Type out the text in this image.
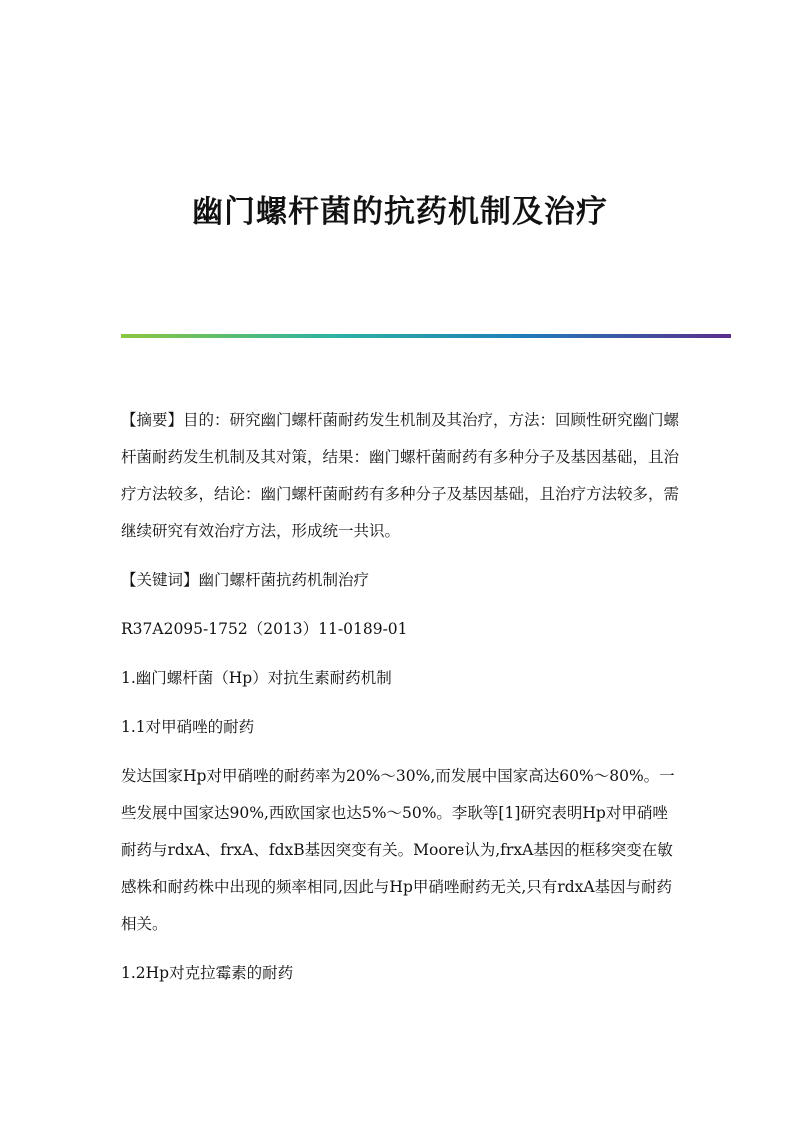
幽门螺杆菌的抗药机制及治疗

【摘要】目的：研究幽门螺杆菌耐药发生机制及其治疗，方法：回顾性研究幽门螺杆菌耐药发生机制及其对策，结果：幽门螺杆菌耐药有多种分子及基因基础，且治疗方法较多，结论：幽门螺杆菌耐药有多种分子及基因基础，且治疗方法较多，需继续研究有效治疗方法，形成统一共识。

【关键词】幽门螺杆菌抗药机制治疗

R37A2095-1752（2013）11-0189-01

1.幽门螺杆菌（Hp）对抗生素耐药机制

1.1对甲硝唑的耐药

发达国家Hp对甲硝唑的耐药率为20%～30%,而发展中国家高达60%～80%。一些发展中国家达90%,西欧国家也达5%～50%。李耿等[1]研究表明Hp对甲硝唑耐药与rdxA、frxA、fdxB基因突变有关。Moore认为,frxA基因的框移突变在敏感株和耐药株中出现的频率相同,因此与Hp甲硝唑耐药无关,只有rdxA基因与耐药相关。

1.2Hp对克拉霉素的耐药
